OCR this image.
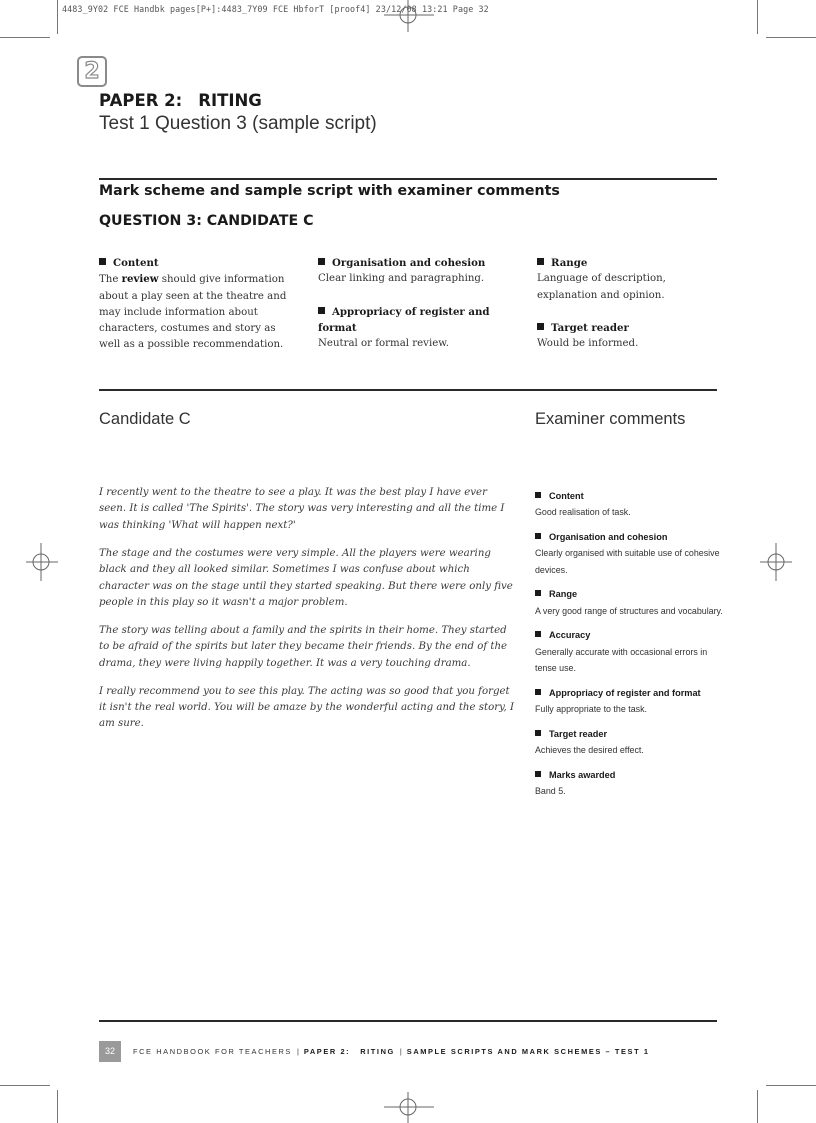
4483_9Y02 FCE Handbk pages[P+]:4483_7Y09 FCE HbforT [proof4] 23/12/08 13:21 Page 32
2
PAPER 2: RITING
Test 1 Question 3 (sample script)
Mark scheme and sample script with examiner comments
QUESTION 3: CANDIDATE C
Content
The review should give information about a play seen at the theatre and may include information about characters, costumes and story as well as a possible recommendation.
Organisation and cohesion
Clear linking and paragraphing.
Appropriacy of register and format
Neutral or formal review.
Range
Language of description, explanation and opinion.
Target reader
Would be informed.
Candidate C	Examiner comments

I recently went to the theatre to see a play. It was the best play I have ever seen. It is called 'The Spirits'. The story was very interesting and all the time I was thinking 'What will happen next?'

The stage and the costumes were very simple. All the players were wearing black and they all looked similar. Sometimes I was confuse about which character was on the stage until they started speaking. But there were only five people in this play so it wasn't a major problem.

The story was telling about a family and the spirits in their home. They started to be afraid of the spirits but later they became their friends. By the end of the drama, they were living happily together. It was a very touching drama.

I really recommend you to see this play. The acting was so good that you forget it isn't the real world. You will be amaze by the wonderful acting and the story, I am sure.

Content
Good realisation of task.
Organisation and cohesion
Clearly organised with suitable use of cohesive devices.
Range
A very good range of structures and vocabulary.
Accuracy
Generally accurate with occasional errors in tense use.
Appropriacy of register and format
Fully appropriate to the task.
Target reader
Achieves the desired effect.
Marks awarded
Band 5.
32	FCE HANDBOOK FOR TEACHERS | PAPER 2: RITING | SAMPLE SCRIPTS AND MARK SCHEMES – TEST 1
